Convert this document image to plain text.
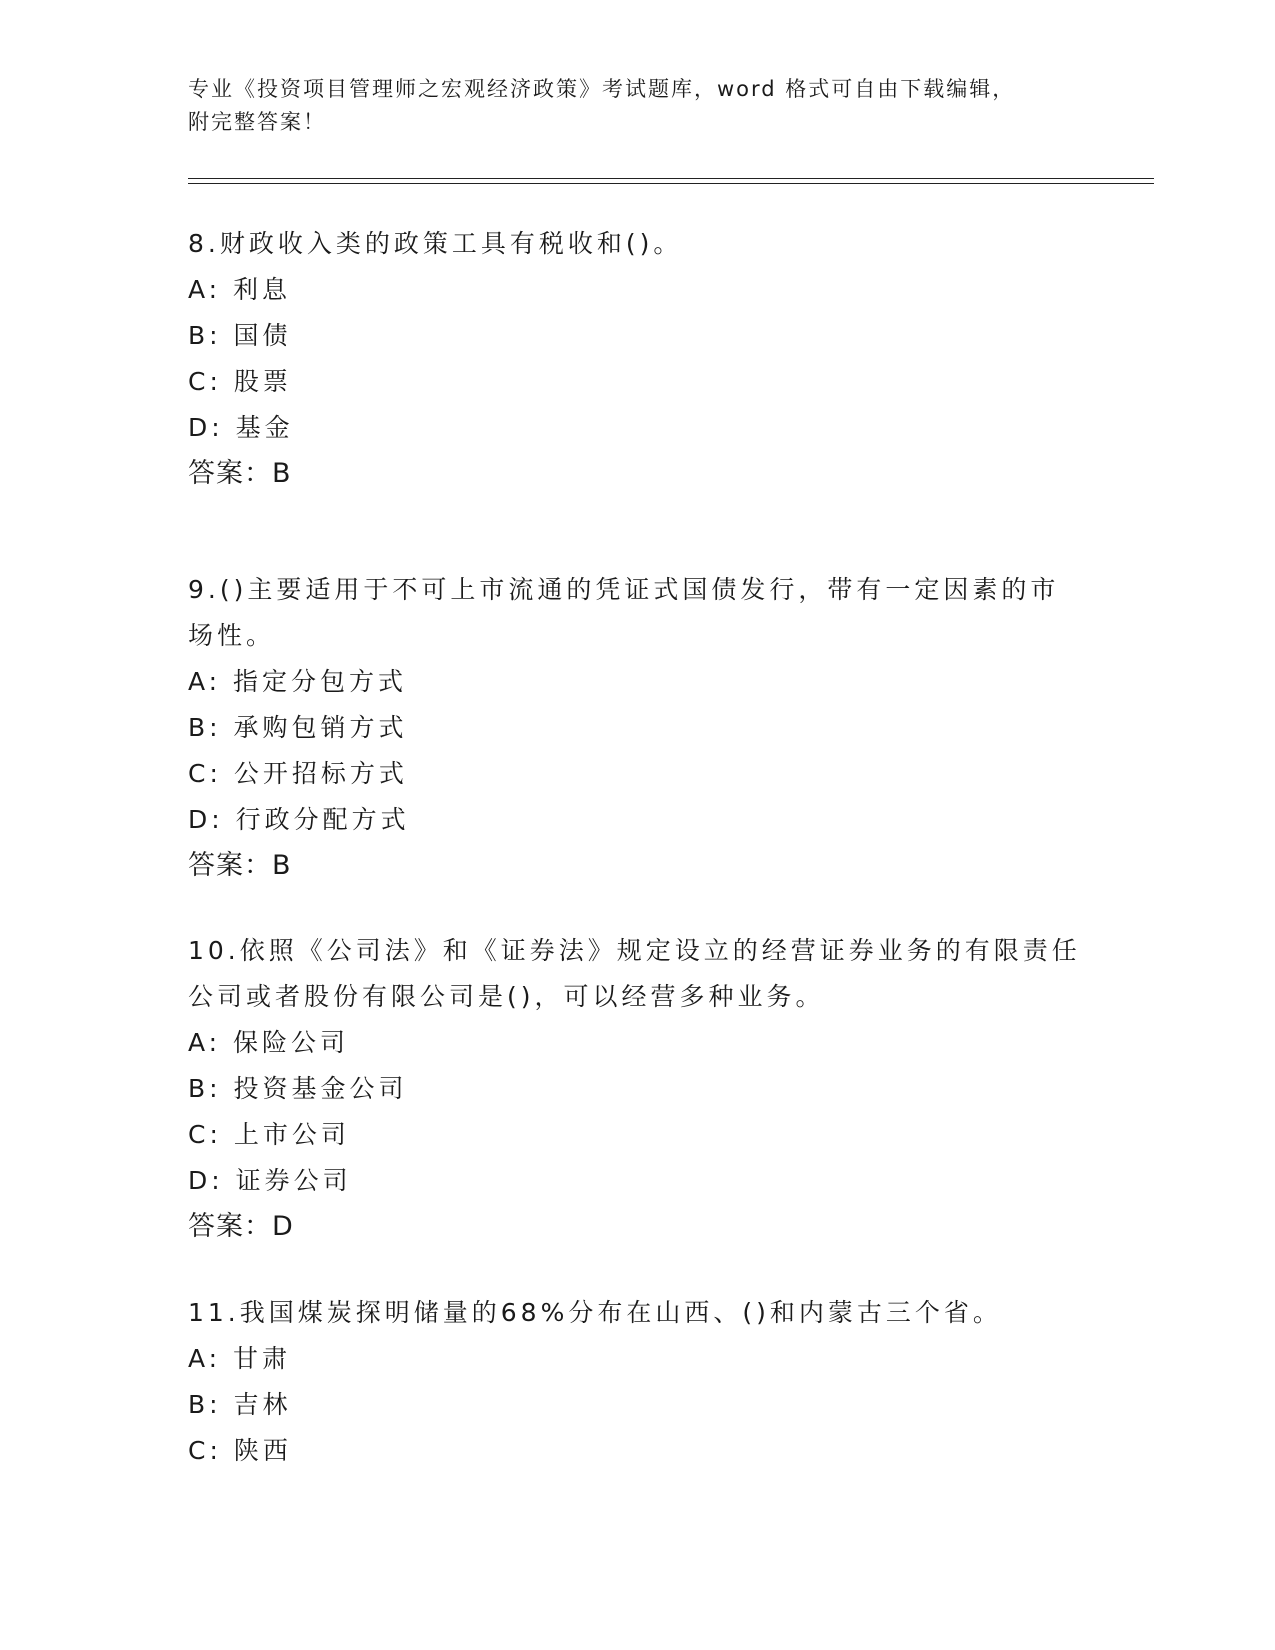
专业《投资项目管理师之宏观经济政策》考试题库，word 格式可自由下载编辑，
附完整答案！

8.财政收入类的政策工具有税收和()。

A: 利息

B: 国债

C: 股票

D: 基金

答案：B

9.()主要适用于不可上市流通的凭证式国债发行，带有一定因素的市
场性。

A: 指定分包方式

B: 承购包销方式

C: 公开招标方式

D: 行政分配方式

答案：B

10.依照《公司法》和《证券法》规定设立的经营证券业务的有限责任
公司或者股份有限公司是()，可以经营多种业务。

A: 保险公司

B: 投资基金公司

C: 上市公司

D: 证券公司

答案：D

11.我国煤炭探明储量的68%分布在山西、()和内蒙古三个省。

A: 甘肃

B: 吉林

C: 陕西
